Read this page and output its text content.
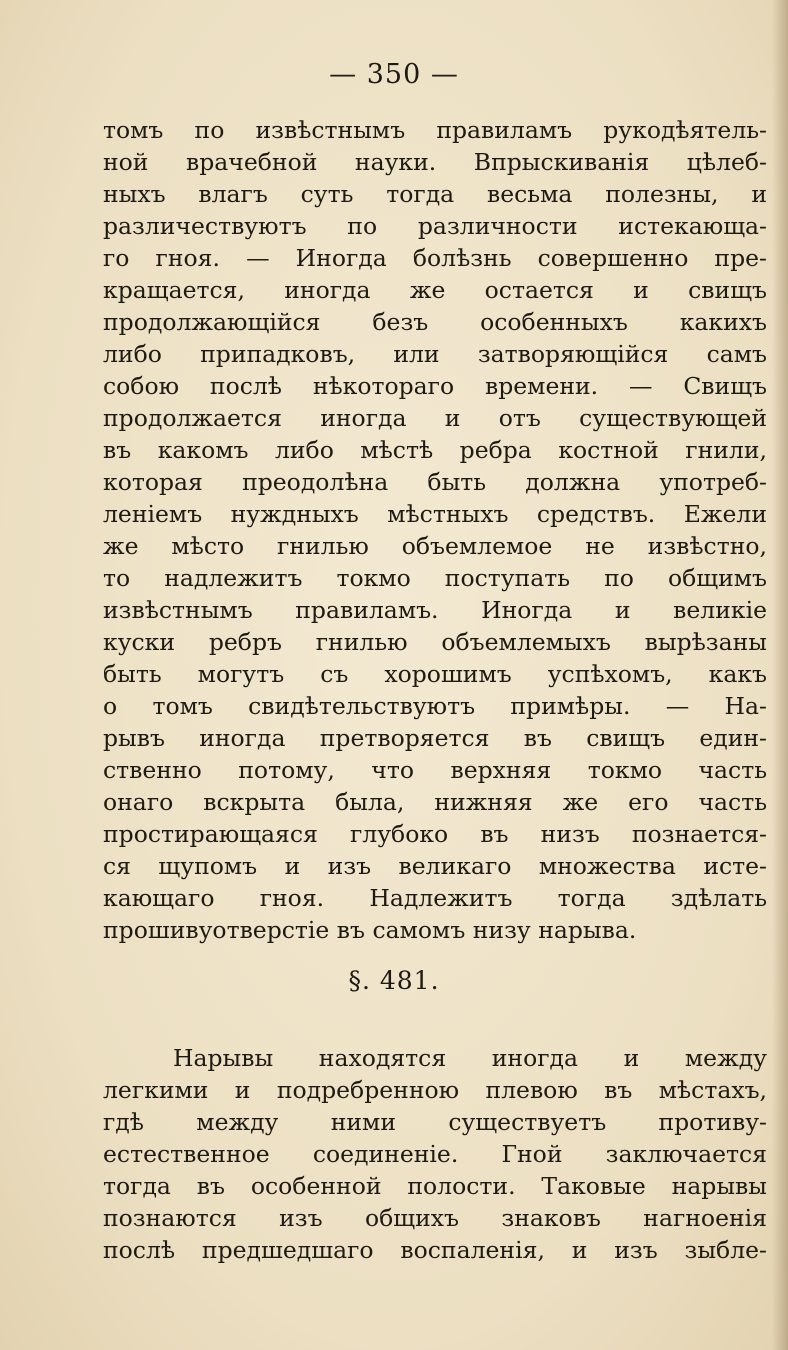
— 350 —
томъ по извѣстнымъ правиламъ рукодѣятель-
ной врачебной науки. Впрыскиванія цѣлеб-
ныхъ влагъ суть тогда весьма полезны, и
различествуютъ по различности истекающа-
го гноя. — Иногда болѣзнь совершенно пре-
кращается, иногда же остается и свищъ
продолжающійся безъ особенныхъ какихъ
либо припадковъ, или затворяющійся самъ
собою послѣ нѣкотораго времени. — Свищъ
продолжается иногда и отъ существующей
въ какомъ либо мѣстѣ ребра костной гнили,
которая преодолѣна быть должна употреб-
леніемъ нуждныхъ мѣстныхъ средствъ. Ежели
же мѣсто гнилью объемлемое не извѣстно,
то надлежитъ токмо поступать по общимъ
извѣстнымъ правиламъ. Иногда и великіе
куски ребръ гнилью объемлемыхъ вырѣзаны
быть могутъ съ хорошимъ успѣхомъ, какъ
о томъ свидѣтельствуютъ примѣры. — На-
рывъ иногда претворяется въ свищъ един-
ственно потому, что верхняя токмо часть
онаго вскрыта была, нижняя же его часть
простирающаяся глубоко въ низъ познается-
ся щупомъ и изъ великаго множества исте-
кающаго гноя. Надлежитъ тогда здѣлать
прошивуотверстіе въ самомъ низу нарыва.
§. 481.
Нарывы находятся иногда и между
легкими и подребренною плевою въ мѣстахъ,
гдѣ между ними существуетъ противу-
естественное соединеніе. Гной заключается
тогда въ особенной полости. Таковые нарывы
познаются изъ общихъ знаковъ нагноенія
послѣ предшедшаго воспаленія, и изъ зыбле-
